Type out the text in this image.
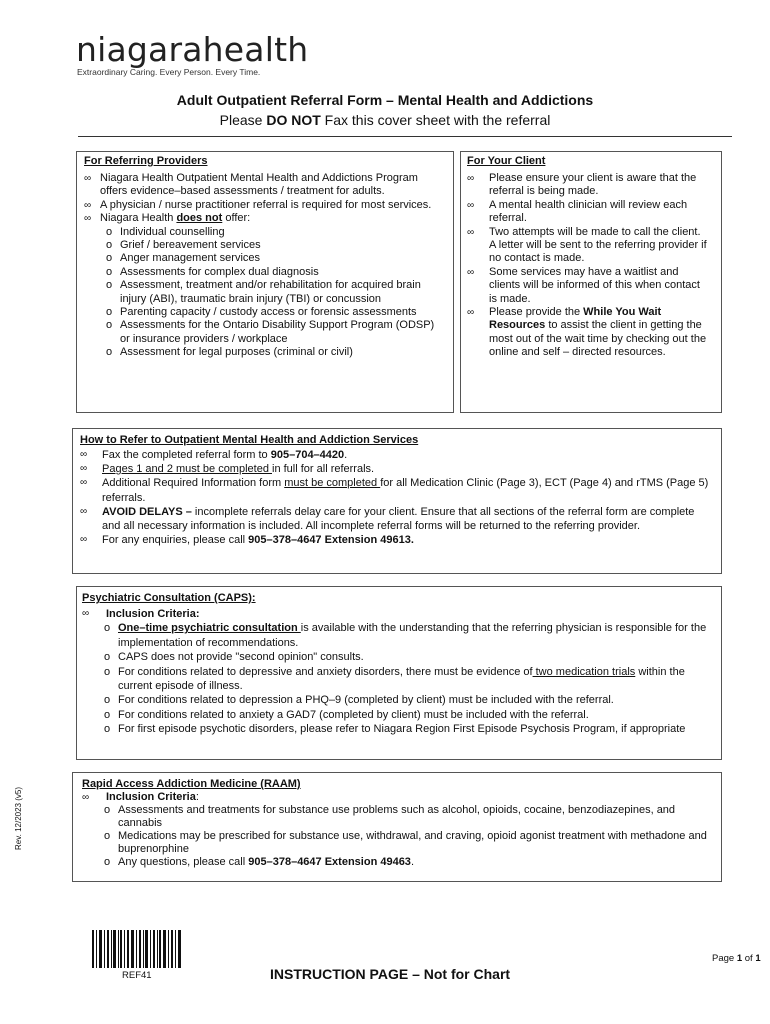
niagarahealth
Extraordinary Caring. Every Person. Every Time.
Adult Outpatient Referral Form – Mental Health and Addictions
Please DO NOT Fax this cover sheet with the referral
For Referring Providers
∞ Niagara Health Outpatient Mental Health and Addictions Program offers evidence–based assessments / treatment for adults.
∞ A physician / nurse practitioner referral is required for most services.
∞ Niagara Health does not offer:
o Individual counselling
o Grief / bereavement services
o Anger management services
o Assessments for complex dual diagnosis
o Assessment, treatment and/or rehabilitation for acquired brain injury (ABI), traumatic brain injury (TBI) or concussion
o Parenting capacity / custody access or forensic assessments
o Assessments for the Ontario Disability Support Program (ODSP) or insurance providers / workplace
o Assessment for legal purposes (criminal or civil)
For Your Client
∞ Please ensure your client is aware that the referral is being made.
∞ A mental health clinician will review each referral.
∞ Two attempts will be made to call the client. A letter will be sent to the referring provider if no contact is made.
∞ Some services may have a waitlist and clients will be informed of this when contact is made.
∞ Please provide the While You Wait Resources to assist the client in getting the most out of the wait time by checking out the online and self – directed resources.
How to Refer to Outpatient Mental Health and Addiction Services
∞ Fax the completed referral form to 905–704–4420.
∞ Pages 1 and 2 must be completed in full for all referrals.
∞ Additional Required Information form must be completed for all Medication Clinic (Page 3), ECT (Page 4) and rTMS (Page 5) referrals.
∞ AVOID DELAYS – incomplete referrals delay care for your client. Ensure that all sections of the referral form are complete and all necessary information is included. All incomplete referral forms will be returned to the referring provider.
∞ For any enquiries, please call 905–378–4647 Extension 49613.
Psychiatric Consultation (CAPS):
∞ Inclusion Criteria:
o One–time psychiatric consultation is available with the understanding that the referring physician is responsible for the implementation of recommendations.
o CAPS does not provide "second opinion" consults.
o For conditions related to depressive and anxiety disorders, there must be evidence of two medication trials within the current episode of illness.
o For conditions related to depression a PHQ–9 (completed by client) must be included with the referral.
o For conditions related to anxiety a GAD7 (completed by client) must be included with the referral.
o For first episode psychotic disorders, please refer to Niagara Region First Episode Psychosis Program, if appropriate
Rapid Access Addiction Medicine (RAAM)
∞ Inclusion Criteria:
o Assessments and treatments for substance use problems such as alcohol, opioids, cocaine, benzodiazepines, and cannabis
o Medications may be prescribed for substance use, withdrawal, and craving, opioid agonist treatment with methadone and buprenorphine
o Any questions, please call 905–378–4647 Extension 49463.
Rev. 12/2023 (v5)
REF41	INSTRUCTION PAGE – Not for Chart
Page 1 of 1
